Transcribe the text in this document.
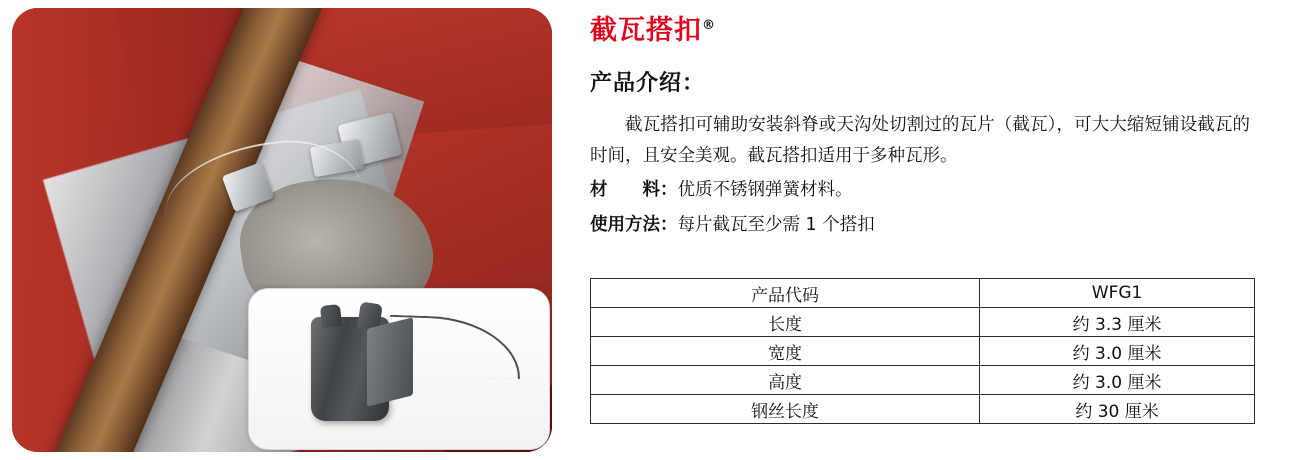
截瓦搭扣®
产品介绍：
截瓦搭扣可辅助安装斜脊或天沟处切割过的瓦片（截瓦），可大大缩短铺设截瓦的时间，且安全美观。截瓦搭扣适用于多种瓦形。
材　　料：优质不锈钢弹簧材料。
使用方法：每片截瓦至少需 1 个搭扣
产品代码	WFG1
长度	约 3.3 厘米
宽度	约 3.0 厘米
高度	约 3.0 厘米
钢丝长度	约 30 厘米
